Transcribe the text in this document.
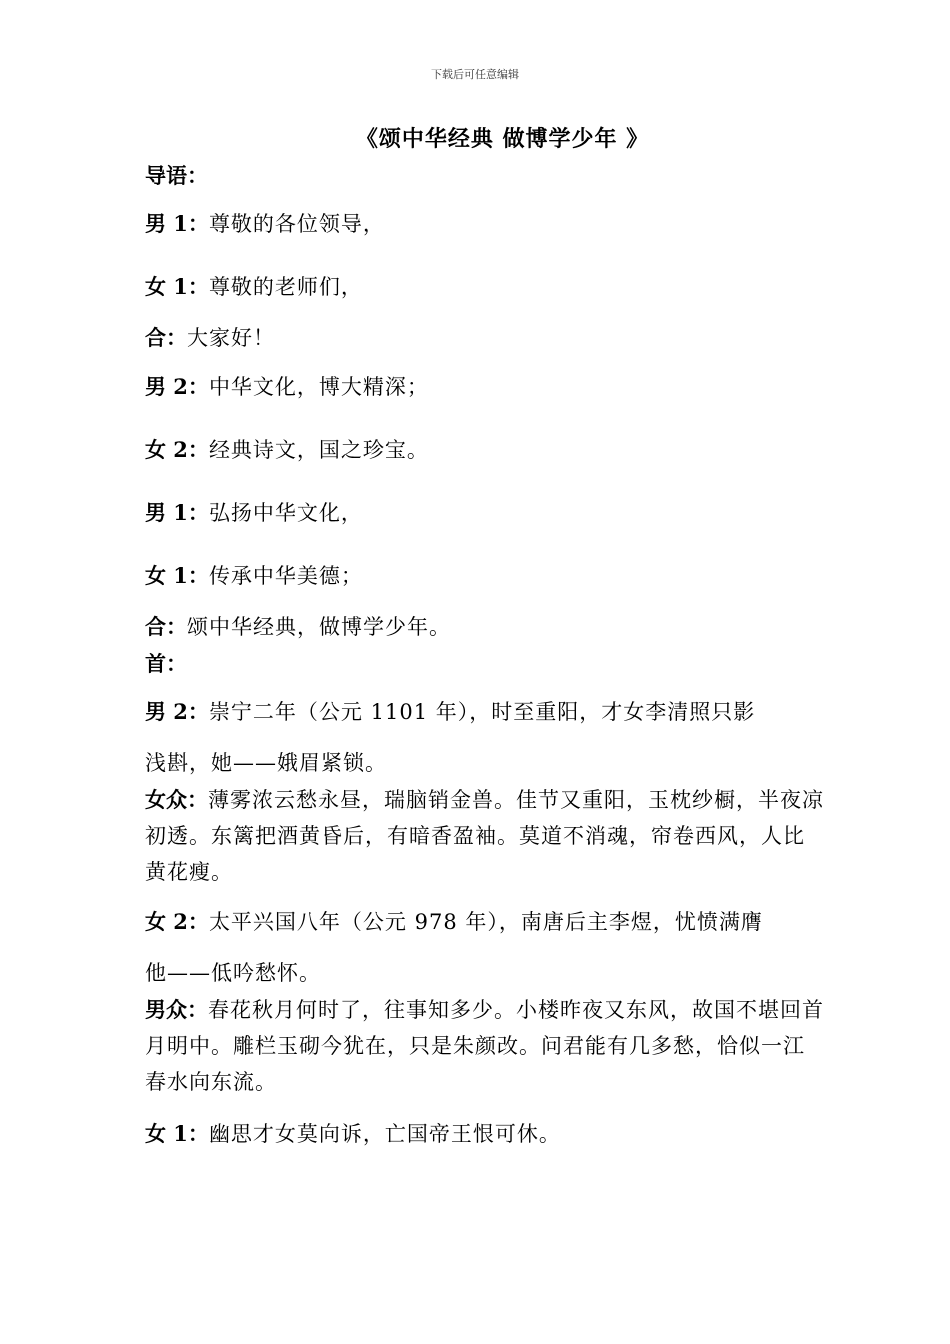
下载后可任意编辑
《颂中华经典 做博学少年 》
导语：
男 1：尊敬的各位领导，
女 1：尊敬的老师们，
合：大家好！
男 2：中华文化，博大精深；
女 2：经典诗文，国之珍宝。
男 1：弘扬中华文化，
女 1：传承中华美德；
合：颂中华经典，做博学少年。
首：
男 2：崇宁二年（公元 1101 年），时至重阳，才女李清照只影
浅斟，她——娥眉紧锁。
女众：薄雾浓云愁永昼，瑞脑销金兽。佳节又重阳，玉枕纱橱，半夜凉初透。东篱把酒黄昏后，有暗香盈袖。莫道不消魂，帘卷西风，人比黄花瘦。
女 2：太平兴国八年（公元 978 年），南唐后主李煜，忧愤满膺
他——低吟愁怀。
男众：春花秋月何时了，往事知多少。小楼昨夜又东风，故国不堪回首月明中。雕栏玉砌今犹在，只是朱颜改。问君能有几多愁，恰似一江春水向东流。
女 1：幽思才女莫向诉，亡国帝王恨可休。
